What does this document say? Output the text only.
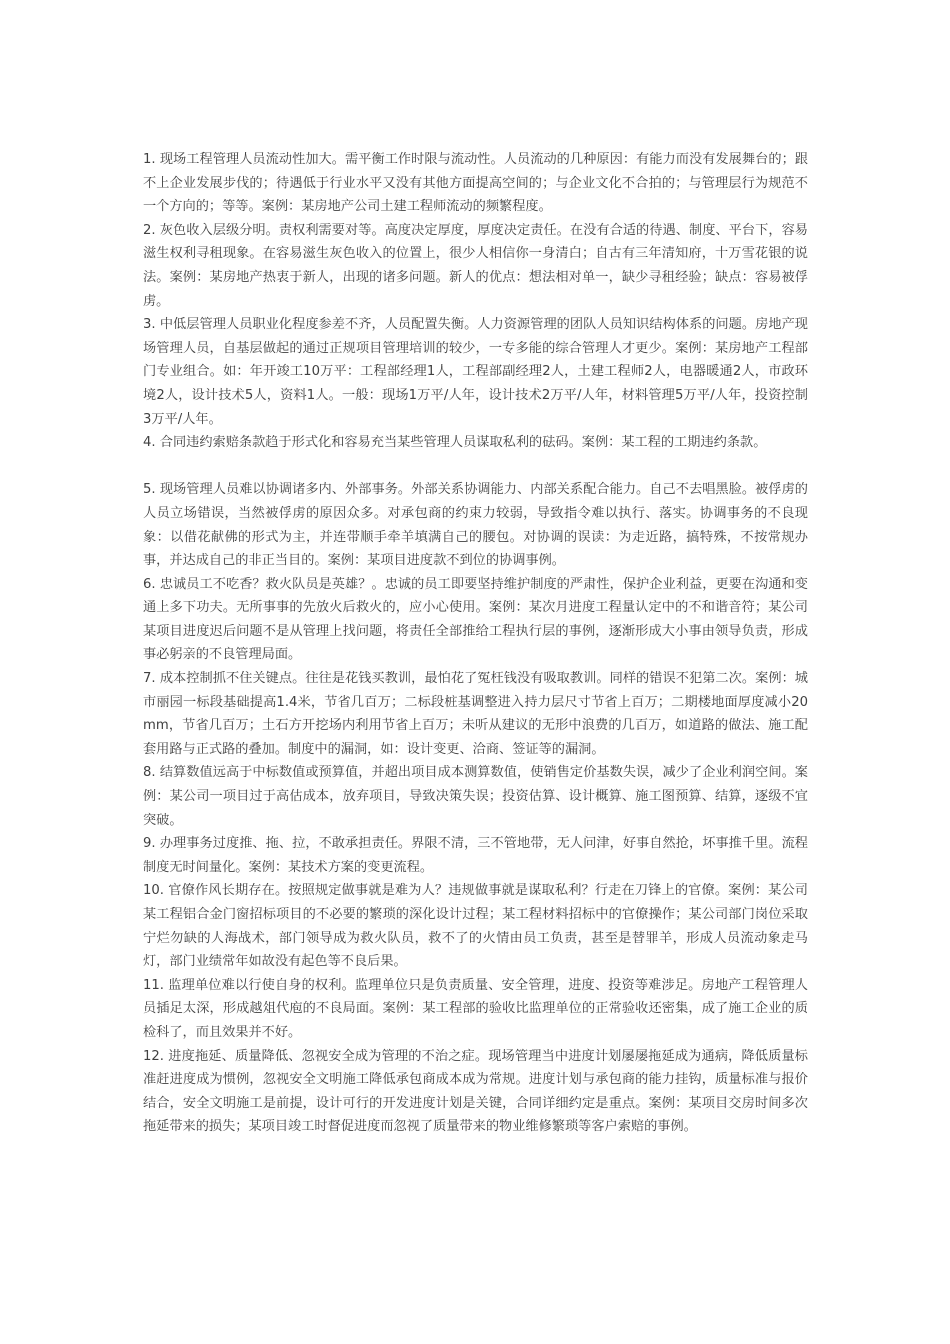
1. 现场工程管理人员流动性加大。需平衡工作时限与流动性。人员流动的几种原因：有能力而没有发展舞台的；跟不上企业发展步伐的；待遇低于行业水平又没有其他方面提高空间的；与企业文化不合拍的；与管理层行为规范不一个方向的；等等。案例：某房地产公司土建工程师流动的频繁程度。

2. 灰色收入层级分明。责权利需要对等。高度决定厚度，厚度决定责任。在没有合适的待遇、制度、平台下，容易滋生权利寻租现象。在容易滋生灰色收入的位置上，很少人相信你一身清白；自古有三年清知府，十万雪花银的说法。案例：某房地产热衷于新人，出现的诸多问题。新人的优点：想法相对单一，缺少寻租经验；缺点：容易被俘虏。

3. 中低层管理人员职业化程度参差不齐，人员配置失衡。人力资源管理的团队人员知识结构体系的问题。房地产现场管理人员，自基层做起的通过正规项目管理培训的较少，一专多能的综合管理人才更少。案例：某房地产工程部门专业组合。如：年开竣工10万平：工程部经理1人，工程部副经理2人，土建工程师2人，电器暖通2人，市政环境2人，设计技术5人，资料1人。一般：现场1万平/人年，设计技术2万平/人年，材料管理5万平/人年，投资控制3万平/人年。

4. 合同违约索赔条款趋于形式化和容易充当某些管理人员谋取私利的砝码。案例：某工程的工期违约条款。

5. 现场管理人员难以协调诸多内、外部事务。外部关系协调能力、内部关系配合能力。自己不去唱黑脸。被俘虏的人员立场错误，当然被俘虏的原因众多。对承包商的约束力较弱，导致指令难以执行、落实。协调事务的不良现象：以借花献佛的形式为主，并连带顺手牵羊填满自己的腰包。对协调的误读：为走近路，搞特殊，不按常规办事，并达成自己的非正当目的。案例：某项目进度款不到位的协调事例。

6. 忠诚员工不吃香？救火队员是英雄？。忠诚的员工即要坚持维护制度的严肃性，保护企业利益，更要在沟通和变通上多下功夫。无所事事的先放火后救火的，应小心使用。案例：某次月进度工程量认定中的不和谐音符；某公司某项目进度迟后问题不是从管理上找问题，将责任全部推给工程执行层的事例，逐渐形成大小事由领导负责，形成事必躬亲的不良管理局面。

7. 成本控制抓不住关键点。往往是花钱买教训，最怕花了冤枉钱没有吸取教训。同样的错误不犯第二次。案例：城市丽园一标段基础提高1.4米，节省几百万；二标段桩基调整进入持力层尺寸节省上百万；二期楼地面厚度减小20mm，节省几百万；土石方开挖场内利用节省上百万；未听从建议的无形中浪费的几百万，如道路的做法、施工配套用路与正式路的叠加。制度中的漏洞，如：设计变更、洽商、签证等的漏洞。

8. 结算数值远高于中标数值或预算值，并超出项目成本测算数值，使销售定价基数失误，减少了企业利润空间。案例：某公司一项目过于高估成本，放弃项目，导致决策失误；投资估算、设计概算、施工图预算、结算，逐级不宜突破。

9. 办理事务过度推、拖、拉，不敢承担责任。界限不清，三不管地带，无人问津，好事自然抢，坏事推千里。流程制度无时间量化。案例：某技术方案的变更流程。

10. 官僚作风长期存在。按照规定做事就是难为人？违规做事就是谋取私利？行走在刀锋上的官僚。案例：某公司某工程铝合金门窗招标项目的不必要的繁琐的深化设计过程；某工程材料招标中的官僚操作；某公司部门岗位采取宁烂勿缺的人海战术，部门领导成为救火队员，救不了的火情由员工负责，甚至是替罪羊，形成人员流动象走马灯，部门业绩常年如故没有起色等不良后果。

11. 监理单位难以行使自身的权利。监理单位只是负责质量、安全管理，进度、投资等难涉足。房地产工程管理人员插足太深，形成越俎代庖的不良局面。案例：某工程部的验收比监理单位的正常验收还密集，成了施工企业的质检科了，而且效果并不好。

12. 进度拖延、质量降低、忽视安全成为管理的不治之症。现场管理当中进度计划屡屡拖延成为通病，降低质量标准赶进度成为惯例，忽视安全文明施工降低承包商成本成为常规。进度计划与承包商的能力挂钩，质量标准与报价结合，安全文明施工是前提，设计可行的开发进度计划是关键，合同详细约定是重点。案例：某项目交房时间多次拖延带来的损失；某项目竣工时督促进度而忽视了质量带来的物业维修繁琐等客户索赔的事例。
